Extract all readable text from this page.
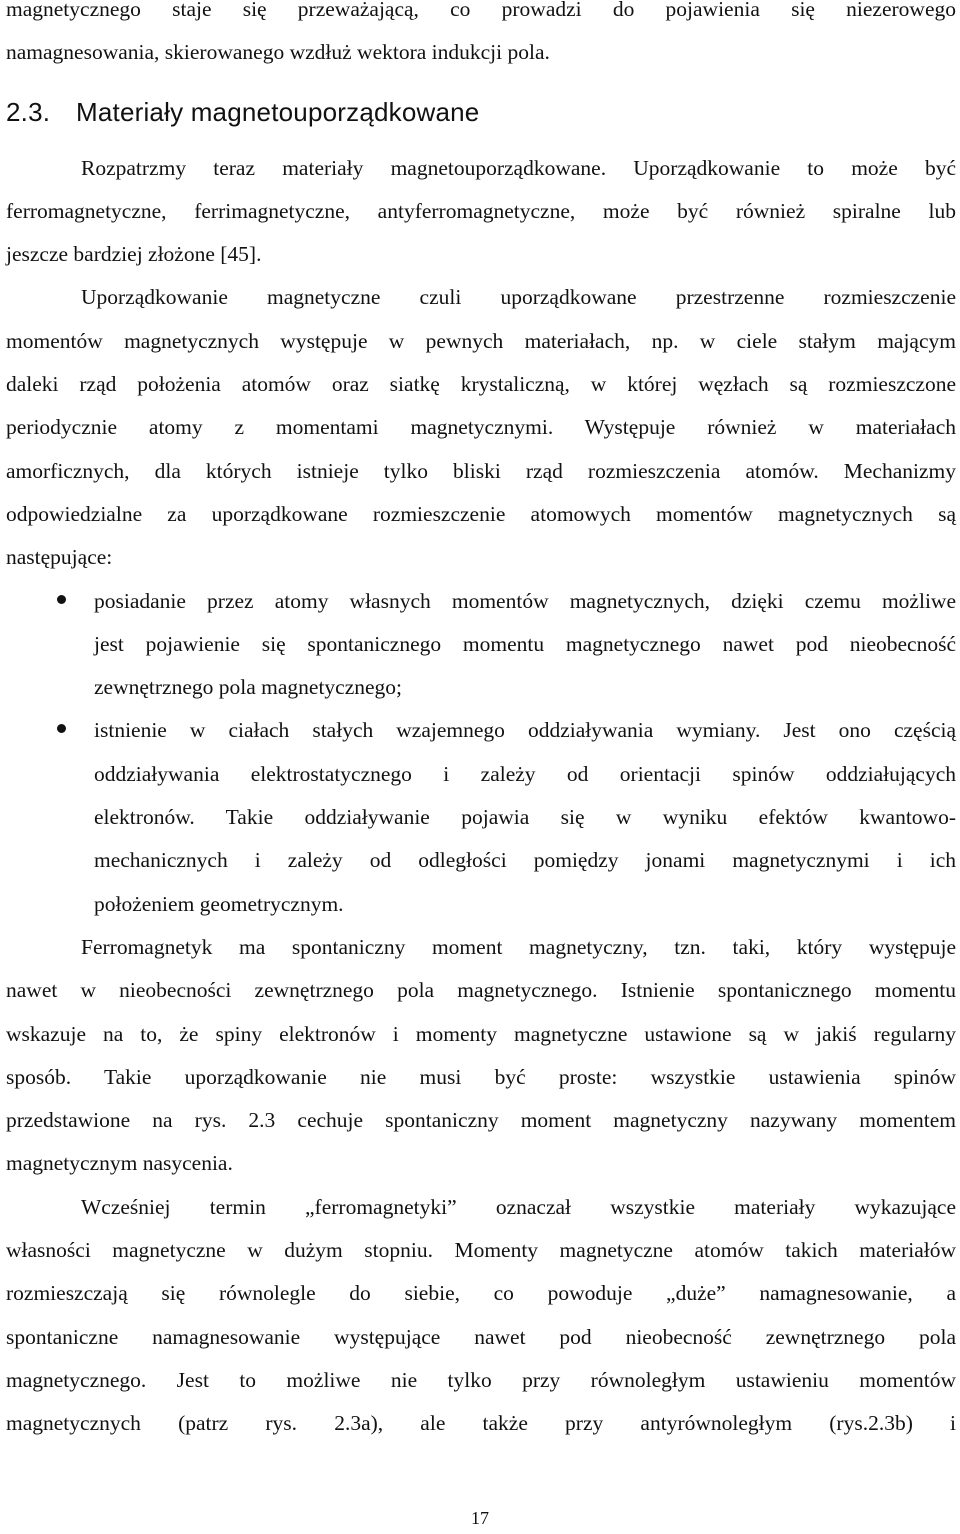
magnetycznego staje się przeważającą, co prowadzi do pojawienia się niezerowego
namagnesowania, skierowanego wzdłuż wektora indukcji pola.
2.3. Materiały magnetouporządkowane
Rozpatrzmy teraz materiały magnetouporządkowane. Uporządkowanie to może być
ferromagnetyczne, ferrimagnetyczne, antyferromagnetyczne, może być również spiralne lub
jeszcze bardziej złożone [45].
Uporządkowanie magnetyczne czuli uporządkowane przestrzenne rozmieszczenie
momentów magnetycznych występuje w pewnych materiałach, np. w ciele stałym mającym
daleki rząd położenia atomów oraz siatkę krystaliczną, w której węzłach są rozmieszczone
periodycznie atomy z momentami magnetycznymi. Występuje również w materiałach
amorficznych, dla których istnieje tylko bliski rząd rozmieszczenia atomów. Mechanizmy
odpowiedzialne za uporządkowane rozmieszczenie atomowych momentów magnetycznych są
następujące:
posiadanie przez atomy własnych momentów magnetycznych, dzięki czemu możliwe
jest pojawienie się spontanicznego momentu magnetycznego nawet pod nieobecność
zewnętrznego pola magnetycznego;
istnienie w ciałach stałych wzajemnego oddziaływania wymiany. Jest ono częścią
oddziaływania elektrostatycznego i zależy od orientacji spinów oddziałujących
elektronów. Takie oddziaływanie pojawia się w wyniku efektów kwantowo-
mechanicznych i zależy od odległości pomiędzy jonami magnetycznymi i ich
położeniem geometrycznym.
Ferromagnetyk ma spontaniczny moment magnetyczny, tzn. taki, który występuje
nawet w nieobecności zewnętrznego pola magnetycznego. Istnienie spontanicznego momentu
wskazuje na to, że spiny elektronów i momenty magnetyczne ustawione są w jakiś regularny
sposób. Takie uporządkowanie nie musi być proste: wszystkie ustawienia spinów
przedstawione na rys. 2.3 cechuje spontaniczny moment magnetyczny nazywany momentem
magnetycznym nasycenia.
Wcześniej termin „ferromagnetyki” oznaczał wszystkie materiały wykazujące
własności magnetyczne w dużym stopniu. Momenty magnetyczne atomów takich materiałów
rozmieszczają się równolegle do siebie, co powoduje „duże” namagnesowanie, a
spontaniczne namagnesowanie występujące nawet pod nieobecność zewnętrznego pola
magnetycznego. Jest to możliwe nie tylko przy równoległym ustawieniu momentów
magnetycznych (patrz rys. 2.3a), ale także przy antyrównoległym (rys.2.3b) i
17
